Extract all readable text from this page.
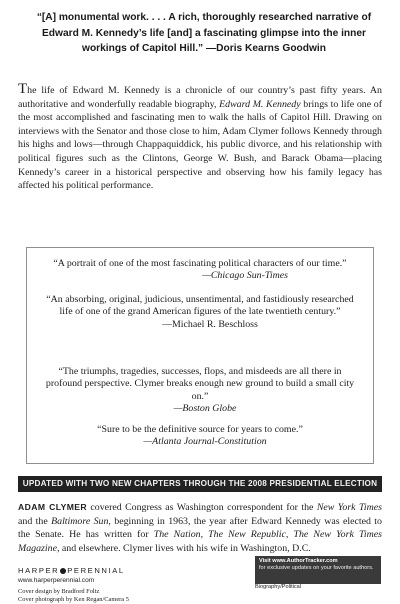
“[A] monumental work. . . . A rich, thoroughly researched narrative of Edward M. Kennedy’s life [and] a fascinating glimpse into the inner workings of Capitol Hill.” —Doris Kearns Goodwin
The life of Edward M. Kennedy is a chronicle of our country’s past fifty years. An authoritative and wonderfully readable biography, Edward M. Kennedy brings to life one of the most accomplished and fascinating men to walk the halls of Capitol Hill. Drawing on interviews with the Senator and those close to him, Adam Clymer follows Kennedy through his highs and lows—through Chappaquiddick, his public divorce, and his relationship with political figures such as the Clintons, George W. Bush, and Barack Obama—placing Kennedy’s career in a historical perspective and observing how his family legacy has affected his political performance.
“A portrait of one of the most fascinating political characters of our time.”
—Chicago Sun-Times
“An absorbing, original, judicious, unsentimental, and fastidiously researched life of one of the grand American figures of the late twentieth century.”
—Michael R. Beschloss
“The triumphs, tragedies, successes, flops, and misdeeds are all there in profound perspective. Clymer breaks enough new ground to build a small city on.”
—Boston Globe
“Sure to be the definitive source for years to come.”
—Atlanta Journal-Constitution
UPDATED WITH TWO NEW CHAPTERS THROUGH THE 2008 PRESIDENTIAL ELECTION
ADAM CLYMER covered Congress as Washington correspondent for the New York Times and the Baltimore Sun, beginning in 1963, the year after Edward Kennedy was elected to the Senate. He has written for The Nation, The New Republic, The New York Times Magazine, and elsewhere. Clymer lives with his wife in Washington, D.C.
HARPER PERENNIAL
www.harperperennial.com
Cover design by Bradford Foltz
Cover photograph by Ken Regan/Camera 5
Visit www.AuthorTracker.com
for exclusive updates on your favorite authors.
Biography/Political
